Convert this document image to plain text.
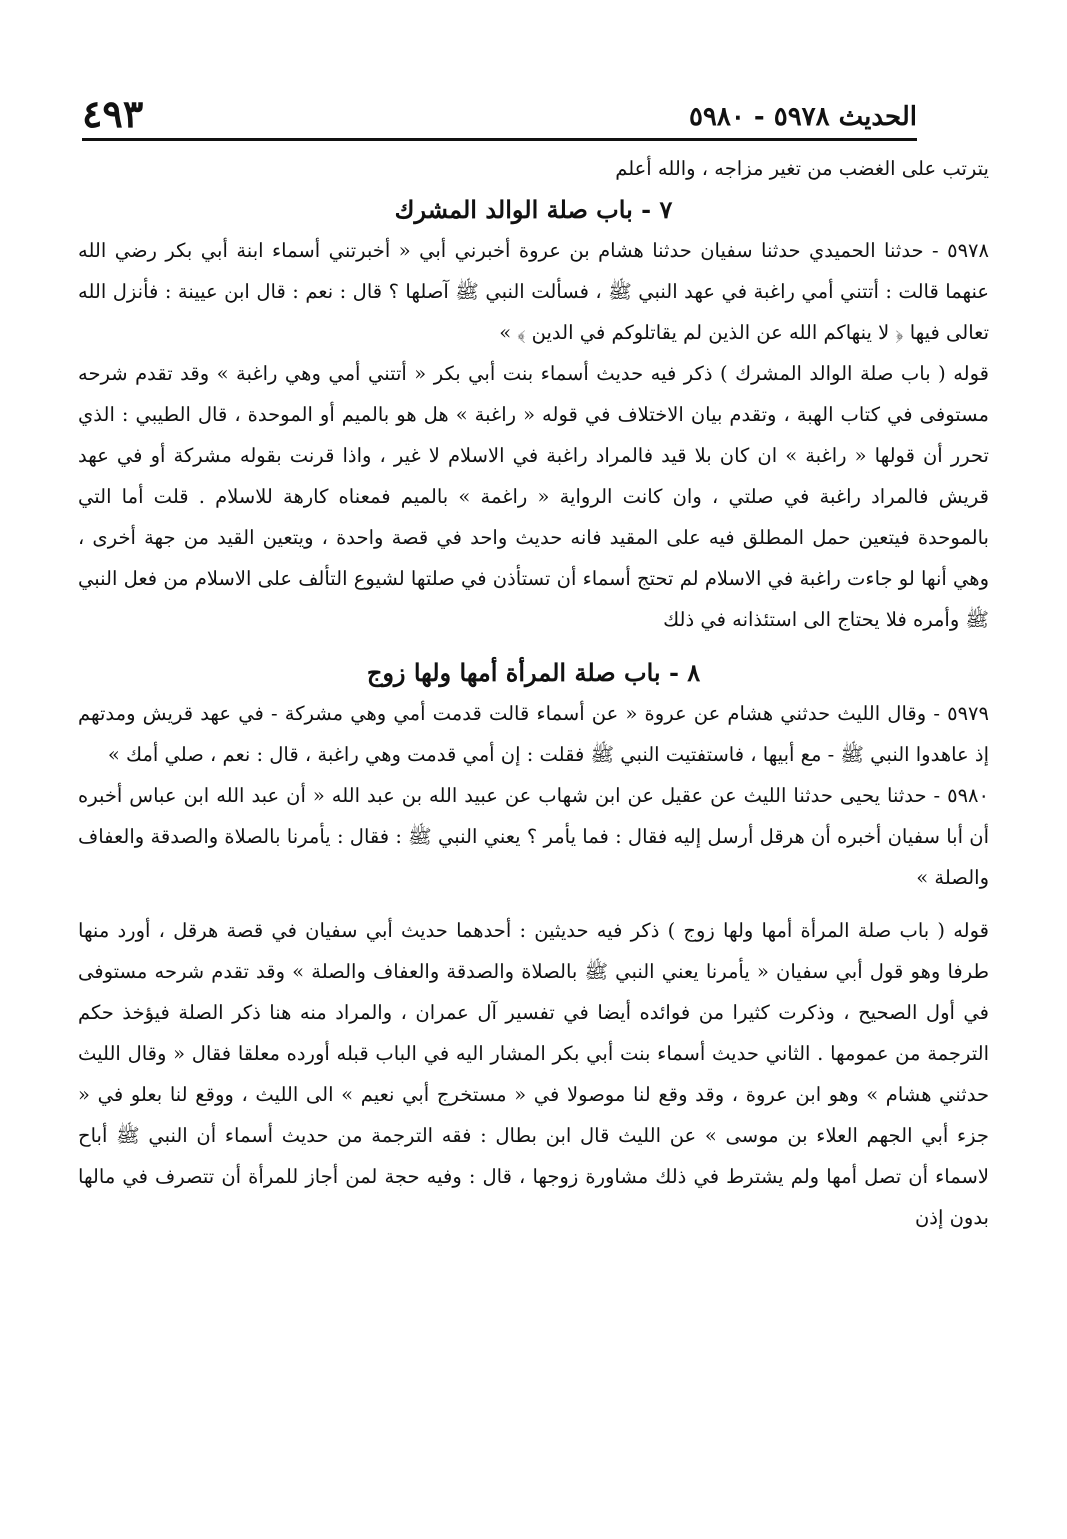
الحديث ٥٩٧٨ - ٥٩٨٠
٤٩٣

يترتب على الغضب من تغير مزاجه ، والله أعلم

٧ - باب صلة الوالد المشرك

٥٩٧٨ - حدثنا الحميدي حدثنا سفيان حدثنا هشام بن عروة أخبرني أبي « أخبرتني أسماء ابنة أبي بكر رضي الله عنهما قالت : أتتني أمي راغبة في عهد النبي ﷺ ، فسألت النبي ﷺ آصلها ؟ قال : نعم : قال ابن عيينة : فأنزل الله تعالى فيها ﴿ لا ينهاكم الله عن الذين لم يقاتلوكم في الدين ﴾ »

قوله ( باب صلة الوالد المشرك ) ذكر فيه حديث أسماء بنت أبي بكر « أتتني أمي وهي راغبة » وقد تقدم شرحه مستوفى في كتاب الهبة ، وتقدم بيان الاختلاف في قوله « راغبة » هل هو بالميم أو الموحدة ، قال الطيبي : الذي تحرر أن قولها « راغبة » ان كان بلا قيد فالمراد راغبة في الاسلام لا غير ، واذا قرنت بقوله مشركة أو في عهد قريش فالمراد راغبة في صلتي ، وان كانت الرواية « راغمة » بالميم فمعناه كارهة للاسلام . قلت أما التي بالموحدة فيتعين حمل المطلق فيه على المقيد فانه حديث واحد في قصة واحدة ، ويتعين القيد من جهة أخرى ، وهي أنها لو جاءت راغبة في الاسلام لم تحتج أسماء أن تستأذن في صلتها لشيوع التألف على الاسلام من فعل النبي ﷺ وأمره فلا يحتاج الى استئذانه في ذلك

٨ - باب صلة المرأة أمها ولها زوج

٥٩٧٩ - وقال الليث حدثني هشام عن عروة « عن أسماء قالت قدمت أمي وهي مشركة - في عهد قريش ومدتهم إذ عاهدوا النبي ﷺ - مع أبيها ، فاستفتيت النبي ﷺ فقلت : إن أمي قدمت وهي راغبة ، قال : نعم ، صلي أمك »

٥٩٨٠ - حدثنا يحيى حدثنا الليث عن عقيل عن ابن شهاب عن عبيد الله بن عبد الله « أن عبد الله ابن عباس أخبره أن أبا سفيان أخبره أن هرقل أرسل إليه فقال : فما يأمر ؟ يعني النبي ﷺ : فقال : يأمرنا بالصلاة والصدقة والعفاف والصلة »

قوله ( باب صلة المرأة أمها ولها زوج ) ذكر فيه حديثين : أحدهما حديث أبي سفيان في قصة هرقل ، أورد منها طرفا وهو قول أبي سفيان « يأمرنا يعني النبي ﷺ بالصلاة والصدقة والعفاف والصلة » وقد تقدم شرحه مستوفى في أول الصحيح ، وذكرت كثيرا من فوائده أيضا في تفسير آل عمران ، والمراد منه هنا ذكر الصلة فيؤخذ حكم الترجمة من عمومها . الثاني حديث أسماء بنت أبي بكر المشار اليه في الباب قبله أورده معلقا فقال « وقال الليث حدثني هشام » وهو ابن عروة ، وقد وقع لنا موصولا في « مستخرج أبي نعيم » الى الليث ، ووقع لنا بعلو في « جزء أبي الجهم العلاء بن موسى » عن الليث قال ابن بطال : فقه الترجمة من حديث أسماء أن النبي ﷺ أباح لاسماء أن تصل أمها ولم يشترط في ذلك مشاورة زوجها ، قال : وفيه حجة لمن أجاز للمرأة أن تتصرف في مالها بدون إذن
